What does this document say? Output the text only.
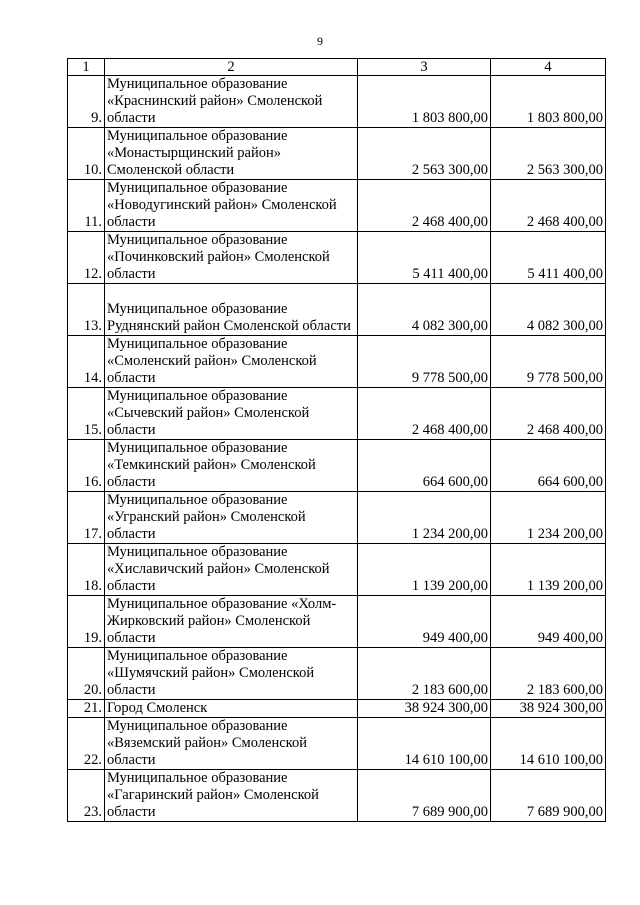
9
1	2	3	4
9.	Муниципальное образование «Краснинский район» Смоленской области	1 803 800,00	1 803 800,00
10.	Муниципальное образование «Монастырщинский район» Смоленской области	2 563 300,00	2 563 300,00
11.	Муниципальное образование «Новодугинский район» Смоленской области	2 468 400,00	2 468 400,00
12.	Муниципальное образование «Починковский район» Смоленской области	5 411 400,00	5 411 400,00
13.	Муниципальное образование Руднянский район Смоленской области	4 082 300,00	4 082 300,00
14.	Муниципальное образование «Смоленский район» Смоленской области	9 778 500,00	9 778 500,00
15.	Муниципальное образование «Сычевский район» Смоленской области	2 468 400,00	2 468 400,00
16.	Муниципальное образование «Темкинский район» Смоленской области	664 600,00	664 600,00
17.	Муниципальное образование «Угранский район» Смоленской области	1 234 200,00	1 234 200,00
18.	Муниципальное образование «Хиславичский район» Смоленской области	1 139 200,00	1 139 200,00
19.	Муниципальное образование «Холм-Жирковский район» Смоленской области	949 400,00	949 400,00
20.	Муниципальное образование «Шумячский район» Смоленской области	2 183 600,00	2 183 600,00
21.	Город Смоленск	38 924 300,00	38 924 300,00
22.	Муниципальное образование «Вяземский район» Смоленской области	14 610 100,00	14 610 100,00
23.	Муниципальное образование «Гагаринский район» Смоленской области	7 689 900,00	7 689 900,00
